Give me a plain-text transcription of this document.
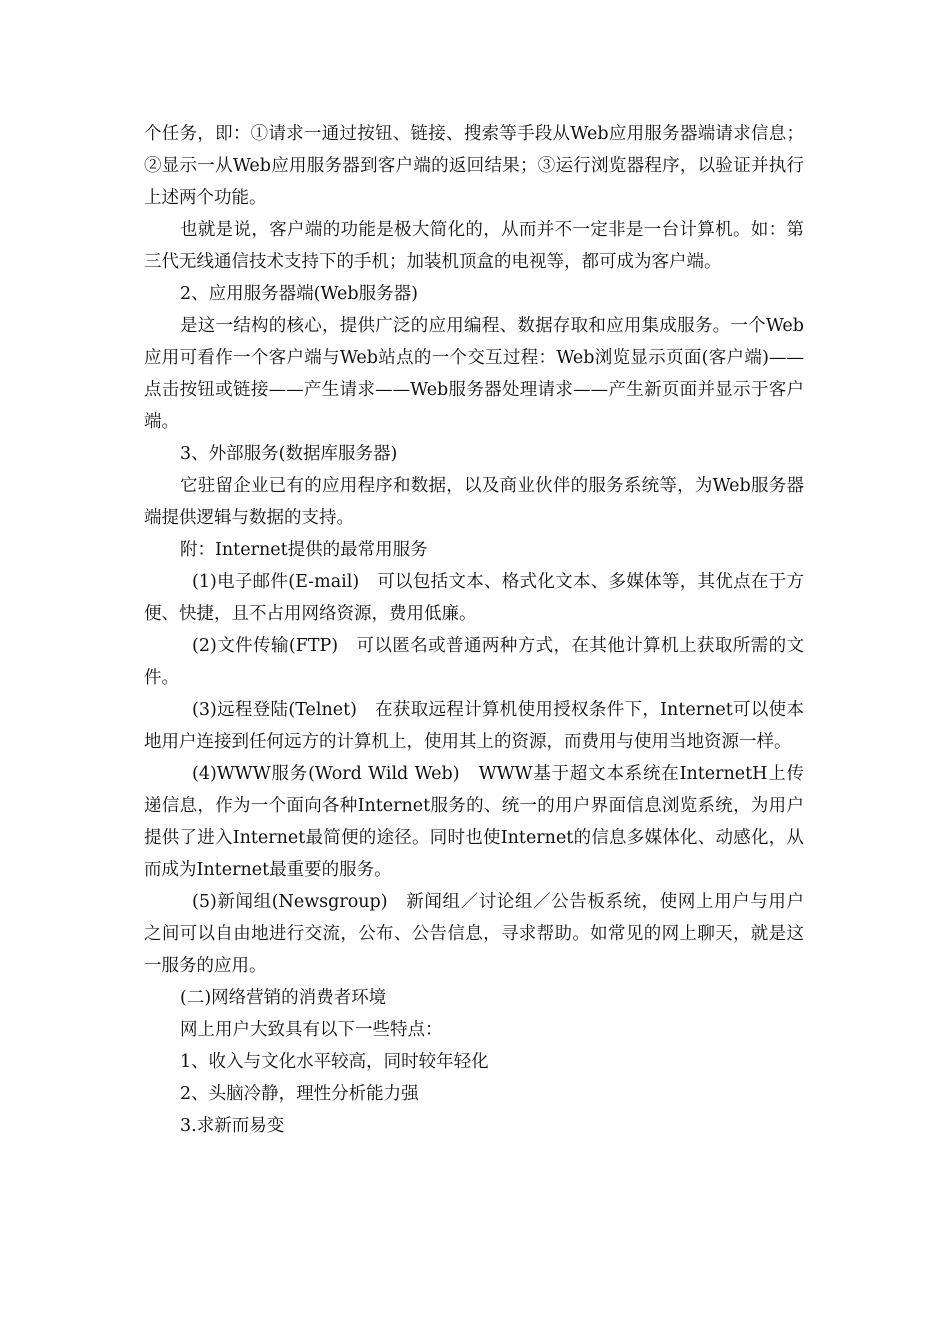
个任务，即：①请求一通过按钮、链接、搜索等手段从Web应用服务器端请求信息；②显示一从Web应用服务器到客户端的返回结果；③运行浏览器程序，以验证并执行上述两个功能。

也就是说，客户端的功能是极大简化的，从而并不一定非是一台计算机。如：第三代无线通信技术支持下的手机；加装机顶盒的电视等，都可成为客户端。

2、应用服务器端(Web服务器)

是这一结构的核心，提供广泛的应用编程、数据存取和应用集成服务。一个Web应用可看作一个客户端与Web站点的一个交互过程：Web浏览显示页面(客户端)——点击按钮或链接——产生请求——Web服务器处理请求——产生新页面并显示于客户端。

3、外部服务(数据库服务器)

它驻留企业已有的应用程序和数据，以及商业伙伴的服务系统等，为Web服务器端提供逻辑与数据的支持。

附：Internet提供的最常用服务

(1)电子邮件(E-mail)　可以包括文本、格式化文本、多媒体等，其优点在于方便、快捷，且不占用网络资源，费用低廉。

(2)文件传输(FTP)　可以匿名或普通两种方式，在其他计算机上获取所需的文件。

(3)远程登陆(Telnet)　在获取远程计算机使用授权条件下，Internet可以使本地用户连接到任何远方的计算机上，使用其上的资源，而费用与使用当地资源一样。

(4)WWW服务(Word Wild Web)　WWW基于超文本系统在InternetH上传递信息，作为一个面向各种Internet服务的、统一的用户界面信息浏览系统，为用户提供了进入Internet最简便的途径。同时也使Internet的信息多媒体化、动感化，从而成为Internet最重要的服务。

(5)新闻组(Newsgroup)　新闻组／讨论组／公告板系统，使网上用户与用户之间可以自由地进行交流，公布、公告信息，寻求帮助。如常见的网上聊天，就是这一服务的应用。

(二)网络营销的消费者环境

网上用户大致具有以下一些特点：

1、收入与文化水平较高，同时较年轻化

2、头脑冷静，理性分析能力强

3.求新而易变
